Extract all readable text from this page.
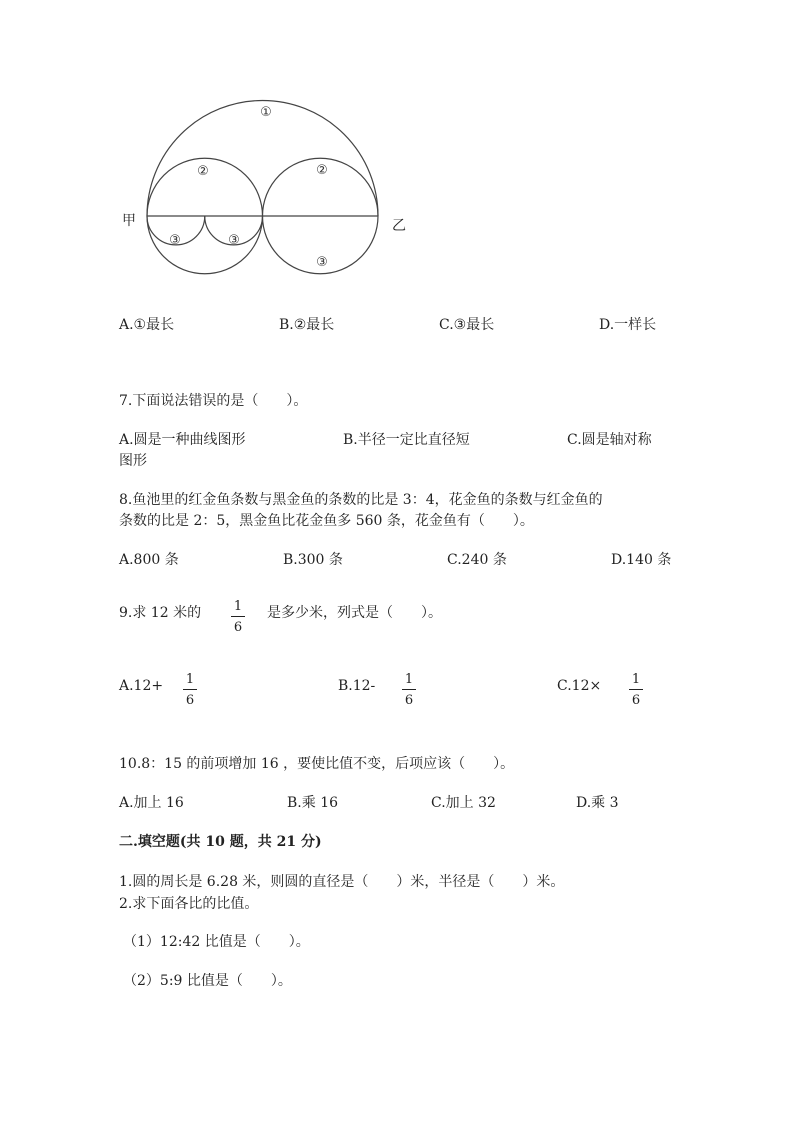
①
②	②
③	③
③
甲	乙
A.①最长	B.②最长	C.③最长	D.一样长
7.下面说法错误的是（　　）。
A.圆是一种曲线图形	B.半径一定比直径短	C.圆是轴对称
图形
8.鱼池里的红金鱼条数与黑金鱼的条数的比是 3：4，花金鱼的条数与红金鱼的
条数的比是 2：5，黑金鱼比花金鱼多 560 条，花金鱼有（　　）。
A.800 条	B.300 条	C.240 条	D.140 条
9.求 12 米的	1
6
是多少米，列式是（　　）。
A.12+ 1
6
B.12- 1
6
C.12× 1
6
10.8：15 的前项增加 16 ，要使比值不变，后项应该（　　）。
A.加上 16	B.乘 16	C.加上 32	D.乘 3
二.填空题(共 10 题，共 21 分)
1.圆的周长是 6.28 米，则圆的直径是（　　）米，半径是（　　）米。
2.求下面各比的比值。
（1）12:42 比值是（　　）。
（2）5:9 比值是（　　）。
